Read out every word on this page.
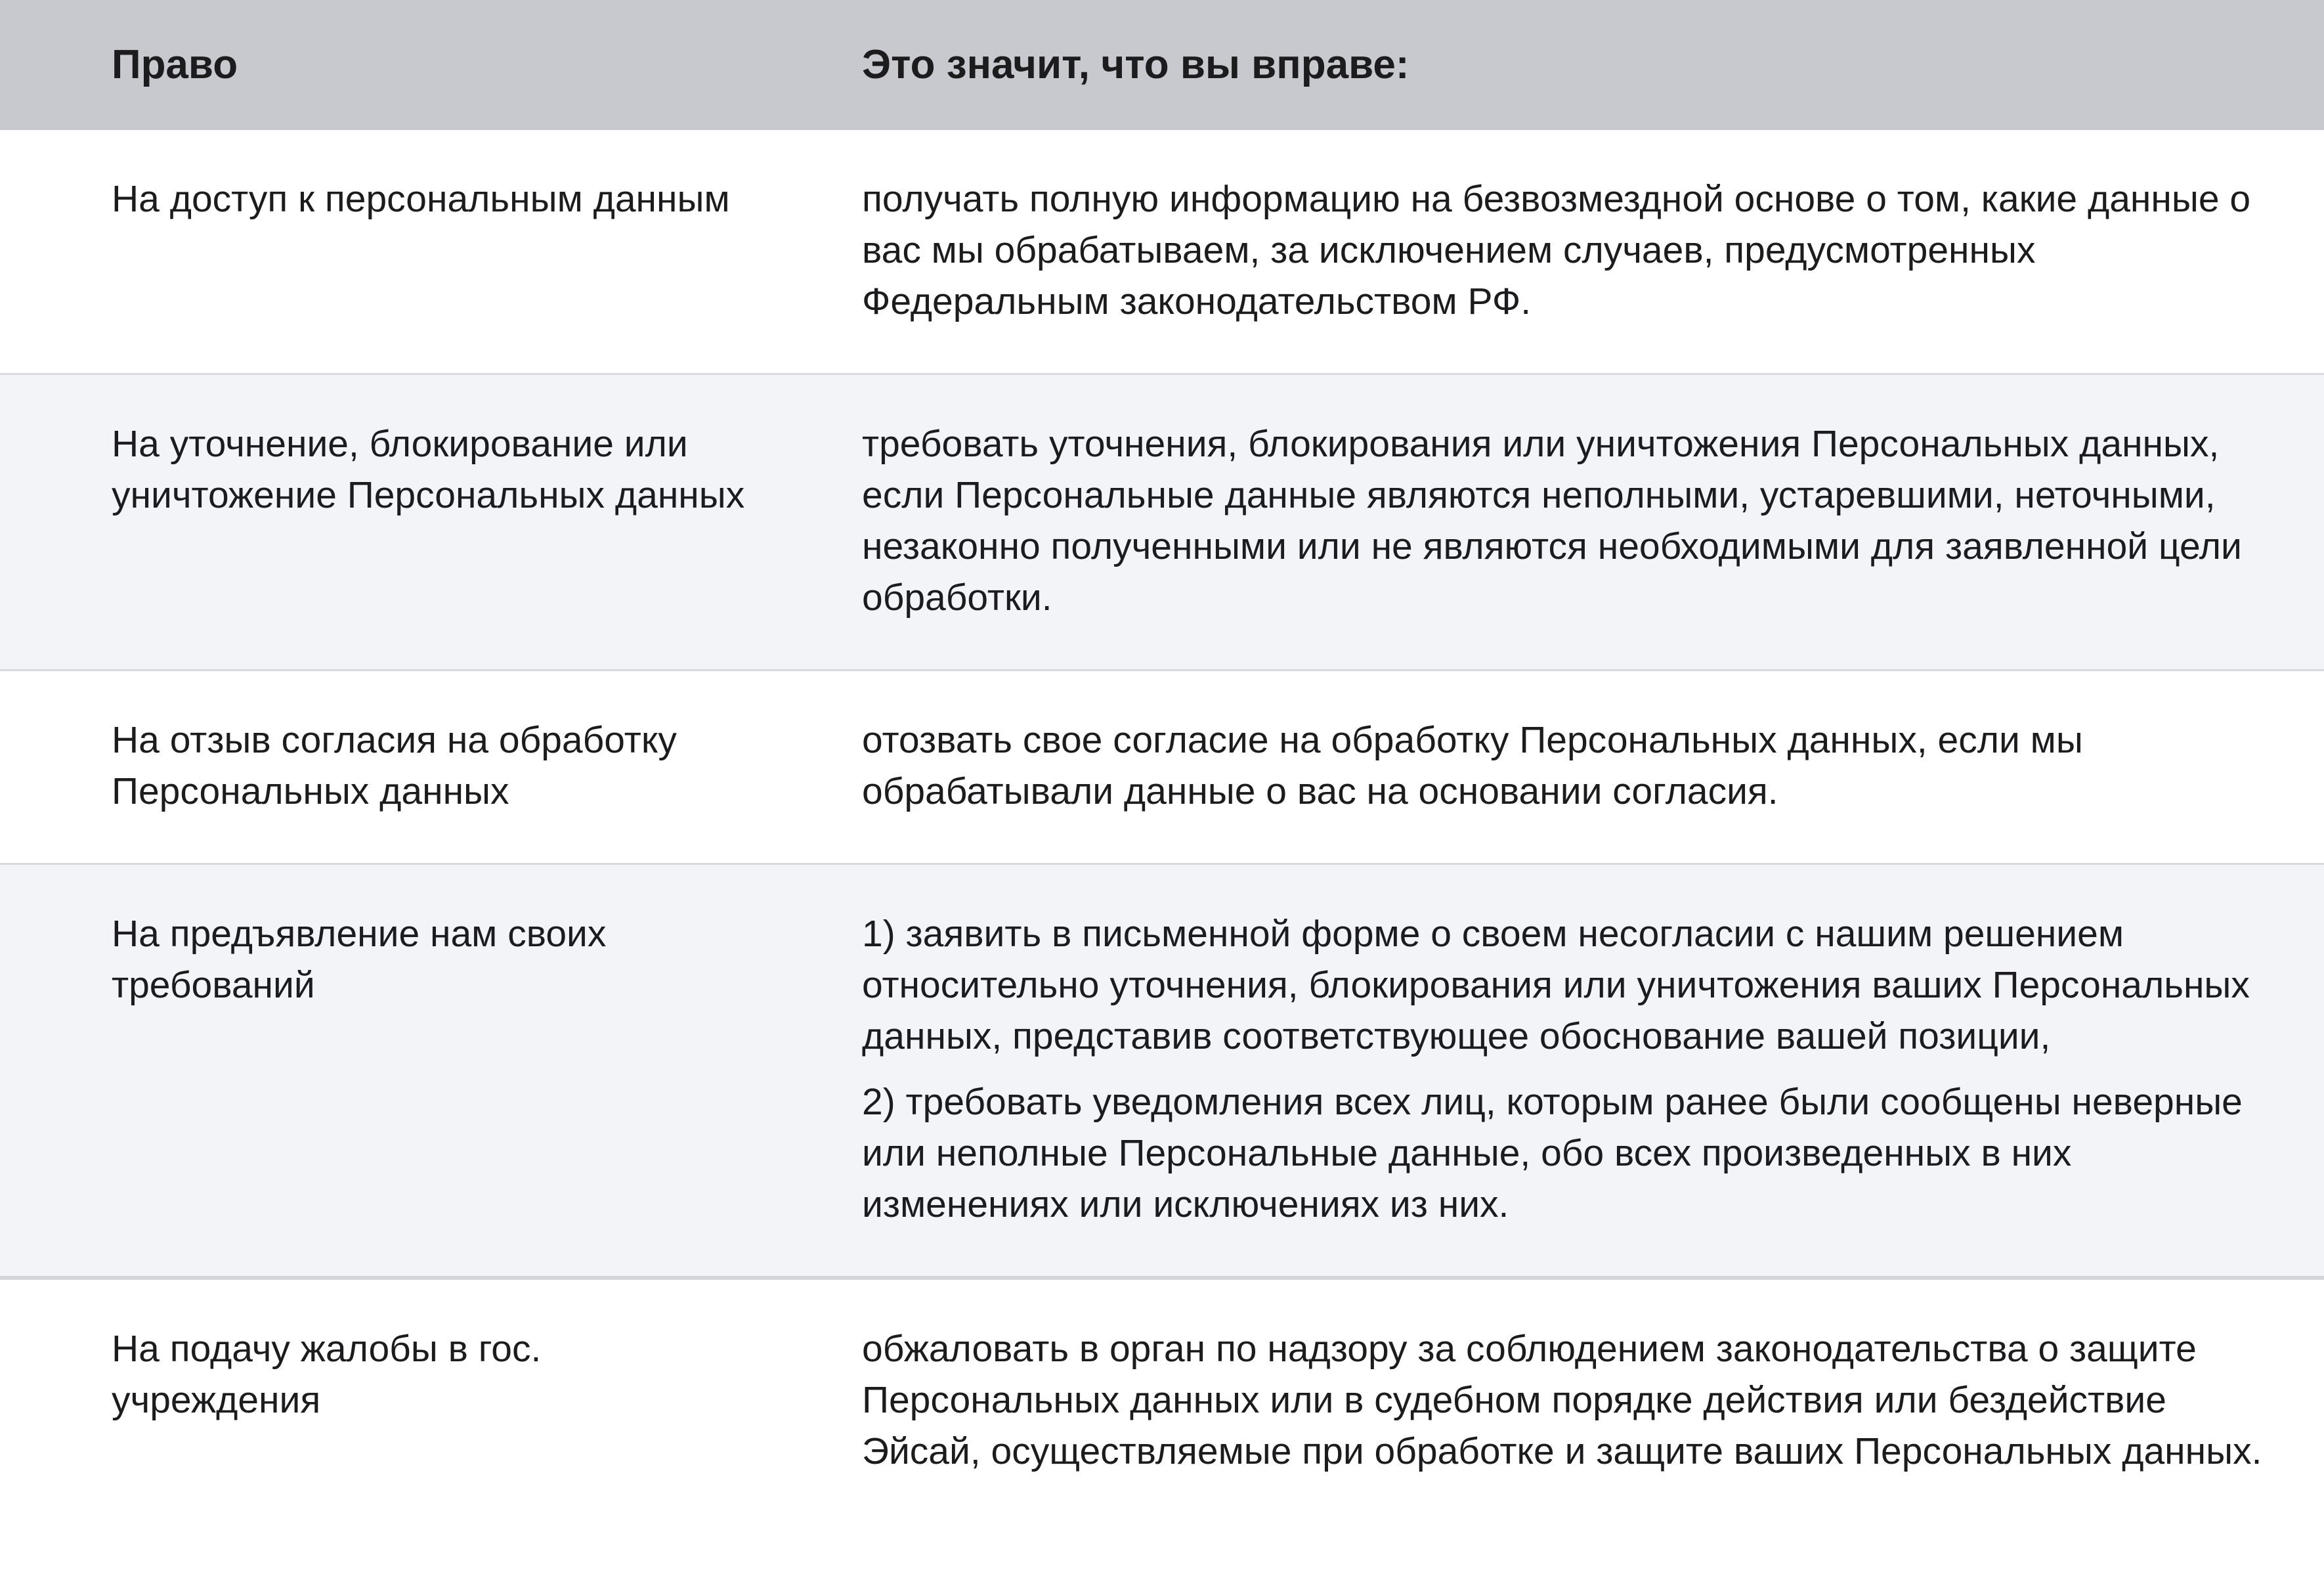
Право	Это значит, что вы вправе:
На доступ к персональным данным	получать полную информацию на безвозмездной основе о том, какие данные о вас мы обрабатываем, за исключением случаев, предусмотренных Федеральным законодательством РФ.

На уточнение, блокирование или уничтожение Персональных данных	требовать уточнения, блокирования или уничтожения Персональных данных, если Персональные данные являются неполными, устаревшими, неточными, незаконно полученными или не являются необходимыми для заявленной цели обработки.

На отзыв согласия на обработку Персональных данных	отозвать свое согласие на обработку Персональных данных, если мы обрабатывали данные о вас на основании согласия.

На предъявление нам своих требований	1) заявить в письменной форме о своем несогласии с нашим решением относительно уточнения, блокирования или уничтожения ваших Персональных данных, представив соответствующее обоснование вашей позиции,
2) требовать уведомления всех лиц, которым ранее были сообщены неверные или неполные Персональные данные, обо всех произведенных в них изменениях или исключениях из них.

На подачу жалобы в гос. учреждения	обжаловать в орган по надзору за соблюдением законодательства о защите Персональных данных или в судебном порядке действия или бездействие Эйсай, осуществляемые при обработке и защите ваших Персональных данных.
